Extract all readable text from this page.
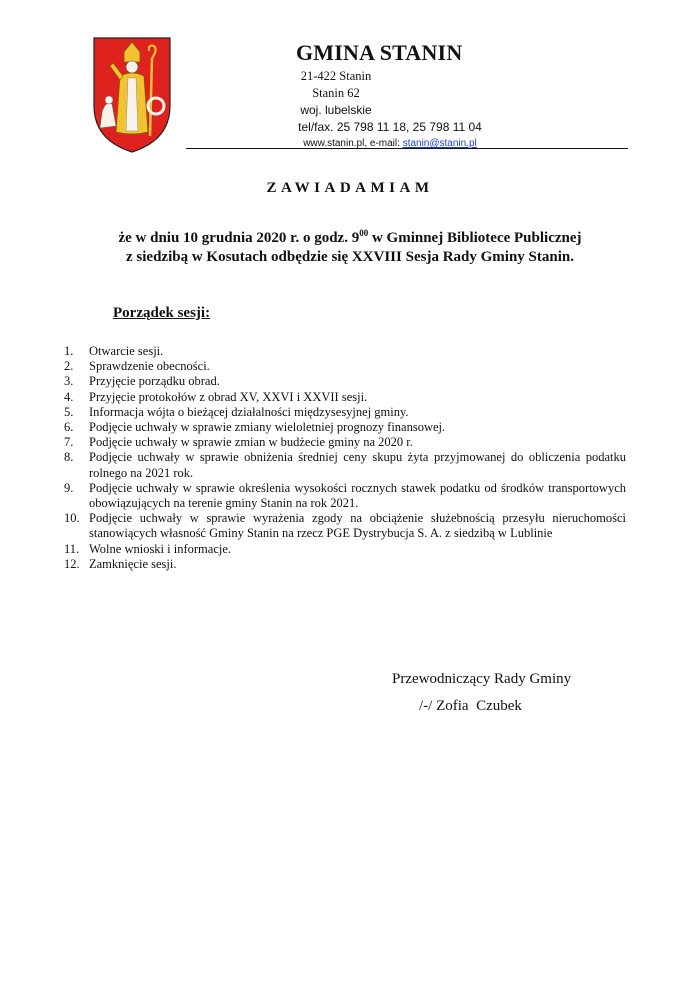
GMINA STANIN
21-422 Stanin
Stanin 62
woj. lubelskie
tel/fax. 25 798 11 18, 25 798 11 04
www.stanin.pl, e-mail: stanin@stanin.pl
ZAWIADAMIAM
że w dniu 10 grudnia 2020 r. o godz. $9^{00}$ w Gminnej Bibliotece Publicznej
z siedzibą w Kosutach odbędzie się XXVIII Sesja Rady Gminy Stanin.
Porządek sesji:
1.	Otwarcie sesji.
2.	Sprawdzenie obecności.
3.	Przyjęcie porządku obrad.
4.	Przyjęcie protokołów z obrad XV, XXVI i XXVII sesji.
5.	Informacja wójta o bieżącej działalności międzysesyjnej gminy.
6.	Podjęcie uchwały w sprawie zmiany wieloletniej prognozy finansowej.
7.	Podjęcie uchwały w sprawie zmian w budżecie gminy na 2020 r.
8.	Podjęcie uchwały w sprawie obniżenia średniej ceny skupu żyta przyjmowanej do obliczenia podatku rolnego na 2021 rok.
9.	Podjęcie uchwały w sprawie określenia wysokości rocznych stawek podatku od środków transportowych obowiązujących na terenie gminy Stanin na rok 2021.
10. Podjęcie uchwały w sprawie wyrażenia zgody na obciążenie służebnością przesyłu nieruchomości stanowiących własność Gminy Stanin na rzecz PGE Dystrybucja S. A. z siedzibą w Lublinie
11. Wolne wnioski i informacje.
12. Zamknięcie sesji.
Przewodniczący Rady Gminy
/-/ Zofia  Czubek
